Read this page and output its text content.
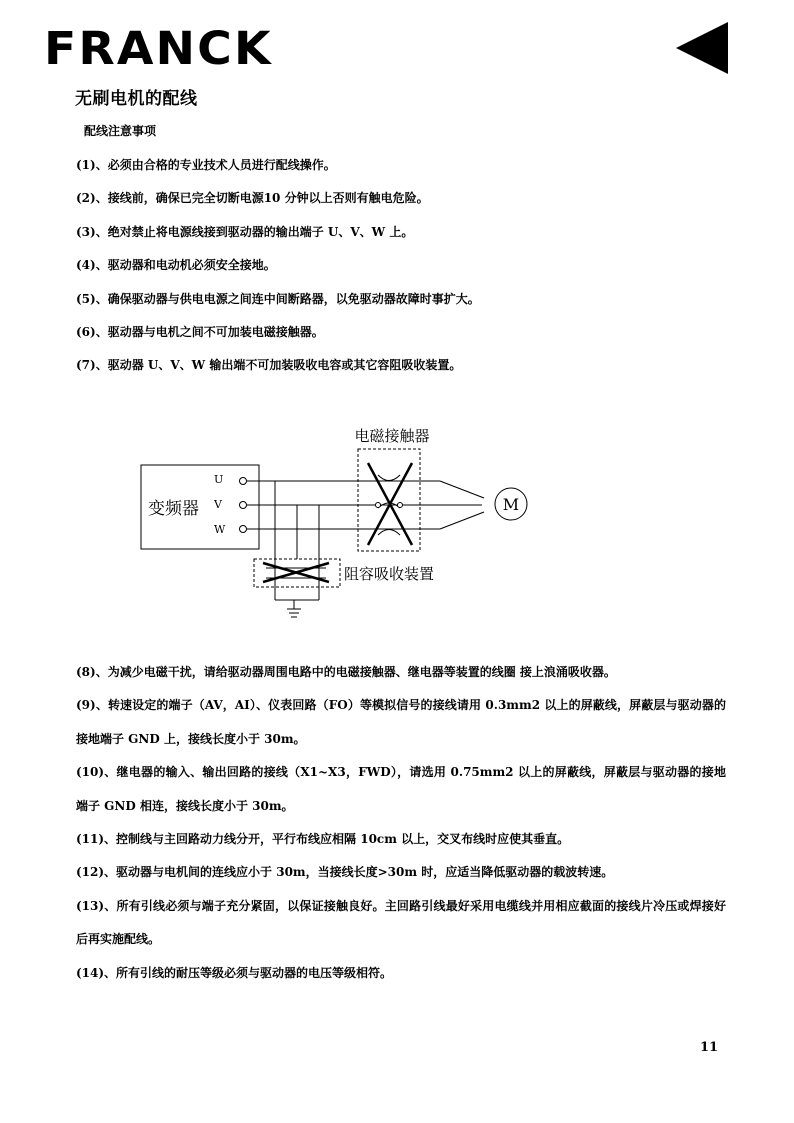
FRANCK
无刷电机的配线
配线注意事项
(1)、必须由合格的专业技术人员进行配线操作。
(2)、接线前，确保已完全切断电源10 分钟以上否则有触电危险。
(3)、绝对禁止将电源线接到驱动器的输出端子 U、V、W 上。
(4)、驱动器和电动机必须安全接地。
(5)、确保驱动器与供电电源之间连中间断路器，以免驱动器故障时事扩大。
(6)、驱动器与电机之间不可加装电磁接触器。
(7)、驱动器 U、V、W 输出端不可加装吸收电容或其它容阻吸收装置。
变频器
U
V
W
M
电磁接触器
阻容吸收装置
(8)、为减少电磁干扰，请给驱动器周围电路中的电磁接触器、继电器等装置的线圈 接上浪涌吸收器。
(9)、转速设定的端子（AV，AI）、仪表回路（FO）等模拟信号的接线请用 0.3mm2 以上的屏蔽线，屏蔽层与驱动器的接地端子 GND 上，接线长度小于 30m。
(10)、继电器的输入、输出回路的接线（X1~X3，FWD），请选用 0.75mm2 以上的屏蔽线，屏蔽层与驱动器的接地端子 GND 相连，接线长度小于 30m。
(11)、控制线与主回路动力线分开，平行布线应相隔 10cm 以上，交叉布线时应使其垂直。
(12)、驱动器与电机间的连线应小于 30m，当接线长度>30m 时，应适当降低驱动器的载波转速。
(13)、所有引线必须与端子充分紧固，以保证接触良好。主回路引线最好采用电缆线并用相应截面的接线片冷压或焊接好后再实施配线。
(14)、所有引线的耐压等级必须与驱动器的电压等级相符。
11
